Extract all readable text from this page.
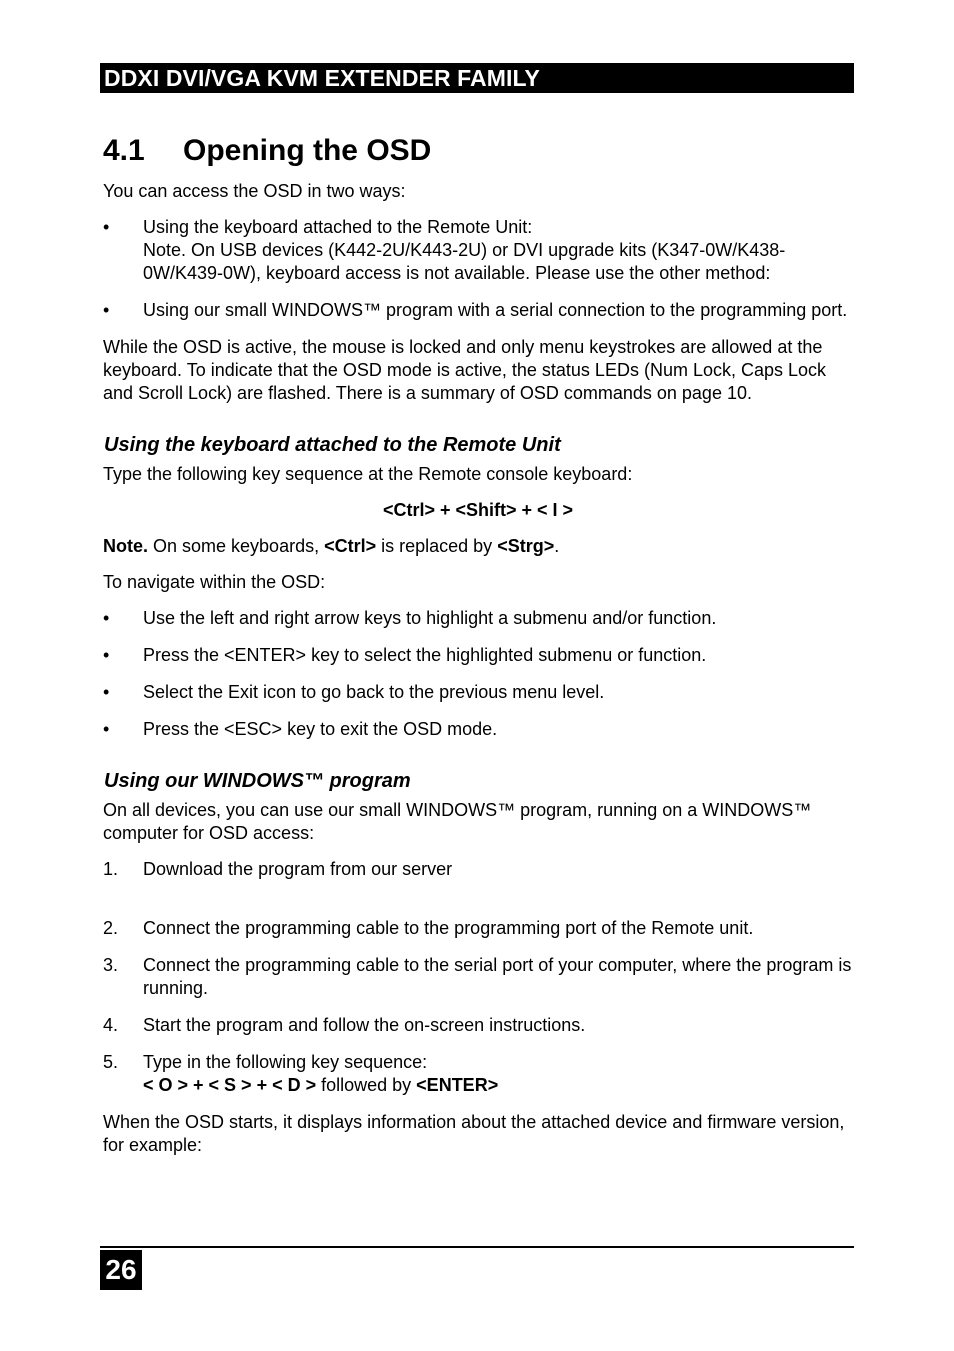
DDXI DVI/VGA KVM EXTENDER FAMILY
4.1	Opening the OSD

You can access the OSD in two ways:

•	Using the keyboard attached to the Remote Unit:
Note. On USB devices (K442-2U/K443-2U) or DVI upgrade kits (K347-0W/K438-0W/K439-0W), keyboard access is not available. Please use the other method:
•	Using our small WINDOWS™ program with a serial connection to the programming port.

While the OSD is active, the mouse is locked and only menu keystrokes are allowed at the keyboard. To indicate that the OSD mode is active, the status LEDs (Num Lock, Caps Lock and Scroll Lock) are flashed. There is a summary of OSD commands on page 10.

Using the keyboard attached to the Remote Unit

Type the following key sequence at the Remote console keyboard:

<Ctrl> + <Shift> + < I >

Note. On some keyboards, <Ctrl> is replaced by <Strg>.

To navigate within the OSD:

•	Use the left and right arrow keys to highlight a submenu and/or function.
•	Press the <ENTER> key to select the highlighted submenu or function.
•	Select the Exit icon to go back to the previous menu level.
•	Press the <ESC> key to exit the OSD mode.
Using our WINDOWS™ program

On all devices, you can use our small WINDOWS™ program, running on a WINDOWS™ computer for OSD access:

1.	Download the program from our server
2.	Connect the programming cable to the programming port of the Remote unit.
3.	Connect the programming cable to the serial port of your computer, where the program is running.
4.	Start the program and follow the on-screen instructions.
5.	Type in the following key sequence:
< O > + < S > + < D > followed by <ENTER>

When the OSD starts, it displays information about the attached device and firmware version, for example:

26
